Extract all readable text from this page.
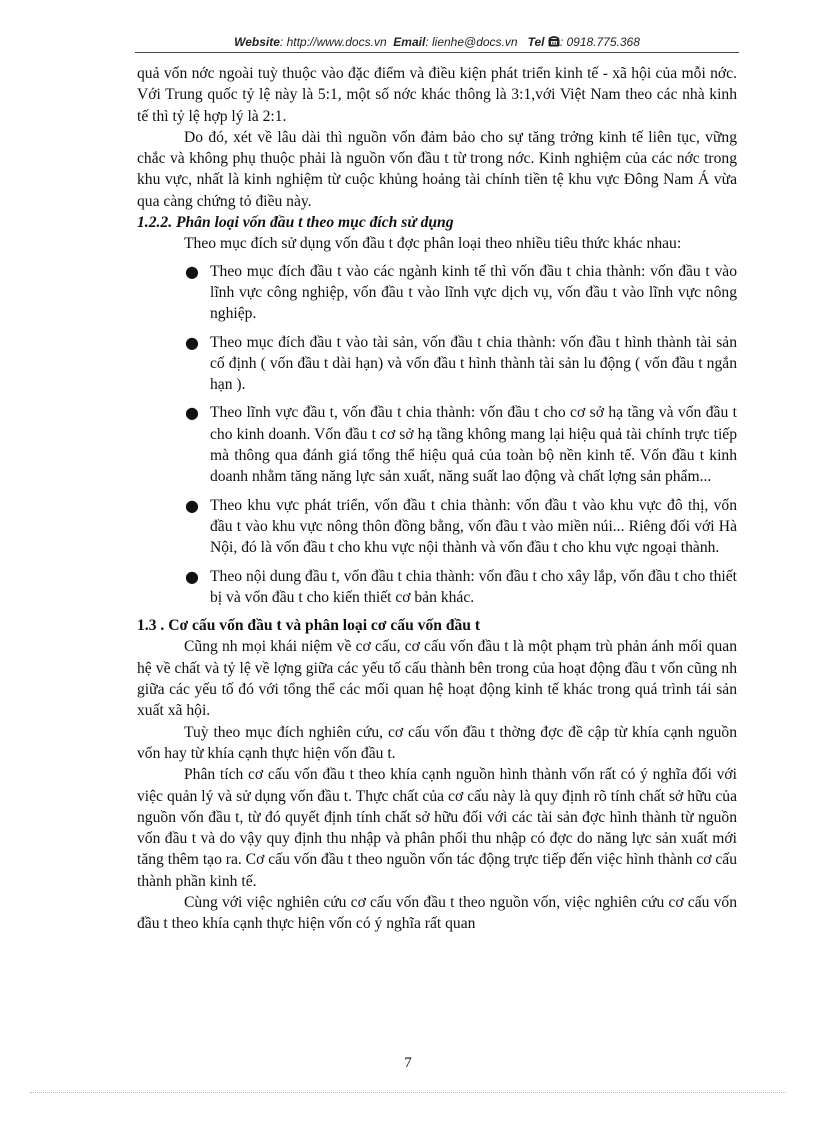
Website: http://www.docs.vn Email: lienhe@docs.vn Tel : 0918.775.368

quả vốn nớc ngoài tuỳ thuộc vào đặc điểm và điều kiện phát triển kinh tế - xã hội của mỗi nớc. Với Trung quốc tỷ lệ này là 5:1, một số nớc khác thông là 3:1,với Việt Nam theo các nhà kinh tế thì tỷ lệ hợp lý là 2:1.

Do đó, xét về lâu dài thì nguồn vốn đảm bảo cho sự tăng trởng kinh tế liên tục, vững chắc và không phụ thuộc phải là nguồn vốn đầu t từ trong nớc. Kinh nghiệm của các nớc trong khu vực, nhất là kinh nghiệm từ cuộc khủng hoảng tài chính tiền tệ khu vực Đông Nam Á vừa qua càng chứng tỏ điều này.

1.2.2. Phân loại vốn đầu t theo mục đích sử dụng

Theo mục đích sử dụng vốn đầu t đợc phân loại theo nhiều tiêu thức khác nhau:

● Theo mục đích đầu t vào các ngành kinh tế thì vốn đầu t chia thành: vốn đầu t vào lĩnh vực công nghiệp, vốn đầu t vào lĩnh vực dịch vụ, vốn đầu t vào lĩnh vực nông nghiệp.
● Theo mục đích đầu t vào tài sản, vốn đầu t chia thành: vốn đầu t hình thành tài sản cố định ( vốn đầu t dài hạn) và vốn đầu t hình thành tài sản lu động ( vốn đầu t ngắn hạn ).
● Theo lĩnh vực đầu t, vốn đầu t chia thành: vốn đầu t cho cơ sở hạ tầng và vốn đầu t cho kinh doanh. Vốn đầu t cơ sở hạ tầng không mang lại hiệu quả tài chính trực tiếp mà thông qua đánh giá tổng thể hiệu quả của toàn bộ nền kinh tế. Vốn đầu t kinh doanh nhằm tăng năng lực sản xuất, năng suất lao động và chất lợng sản phẩm...
● Theo khu vực phát triển, vốn đầu t chia thành: vốn đầu t vào khu vực đô thị, vốn đầu t vào khu vực nông thôn đồng bằng, vốn đầu t vào miền núi... Riêng đối với Hà Nội, đó là vốn đầu t cho khu vực nội thành và vốn đầu t cho khu vực ngoại thành.
● Theo nội dung đầu t, vốn đầu t chia thành: vốn đầu t cho xây lắp, vốn đầu t cho thiết bị và vốn đầu t cho kiến thiết cơ bản khác.

1.3 . Cơ cấu vốn đầu t và phân loại cơ cấu vốn đầu t

Cũng nh mọi khái niệm về cơ cấu, cơ cấu vốn đầu t là một phạm trù phản ánh mối quan hệ về chất và tỷ lệ về lợng giữa các yếu tố cấu thành bên trong của hoạt động đầu t vốn cũng nh giữa các yếu tố đó với tổng thể các mối quan hệ hoạt động kinh tế khác trong quá trình tái sản xuất xã hội.

Tuỳ theo mục đích nghiên cứu, cơ cấu vốn đầu t thờng đợc đề cập từ khía cạnh nguồn vốn hay từ khía cạnh thực hiện vốn đầu t.

Phân tích cơ cấu vốn đầu t theo khía cạnh nguồn hình thành vốn rất có ý nghĩa đối với việc quản lý và sử dụng vốn đầu t. Thực chất của cơ cấu này là quy định rõ tính chất sở hữu của nguồn vốn đầu t, từ đó quyết định tính chất sở hữu đối với các tài sản đợc hình thành từ nguồn vốn đầu t và do vậy quy định thu nhập và phân phối thu nhập có đợc do năng lực sản xuất mới tăng thêm tạo ra. Cơ cấu vốn đầu t theo nguồn vốn tác động trực tiếp đến việc hình thành cơ cấu thành phần kinh tế.

Cùng với việc nghiên cứu cơ cấu vốn đầu t theo nguồn vốn, việc nghiên cứu cơ cấu vốn đầu t theo khía cạnh thực hiện vốn có ý nghĩa rất quan

7
